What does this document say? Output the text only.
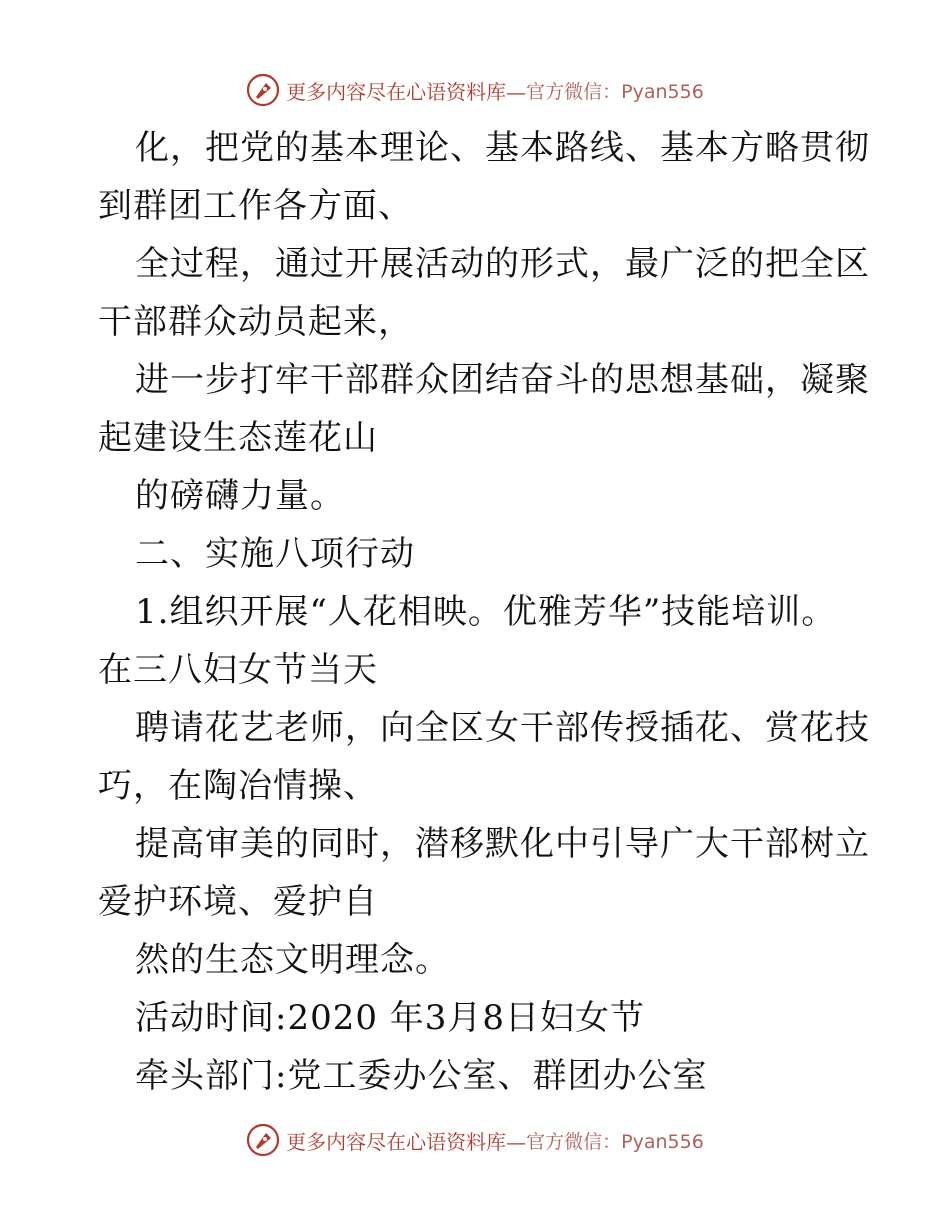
更多内容尽在心语资料库— 官方微信：Pyan556
化，把党的基本理论、基本路线、基本方略贯彻
到群团工作各方面、
全过程，通过开展活动的形式，最广泛的把全区
干部群众动员起来，
进一步打牢干部群众团结奋斗的思想基础，凝聚
起建设生态莲花山
的磅礴力量。
二、实施八项行动
1.组织开展“人花相映。优雅芳华”技能培训。
在三八妇女节当天
聘请花艺老师，向全区女干部传授插花、赏花技
巧，在陶冶情操、
提高审美的同时，潜移默化中引导广大干部树立
爱护环境、爱护自
然的生态文明理念。
活动时间:2020 年3月8日妇女节
牵头部门:党工委办公室、群团办公室
更多内容尽在心语资料库— 官方微信：Pyan556
